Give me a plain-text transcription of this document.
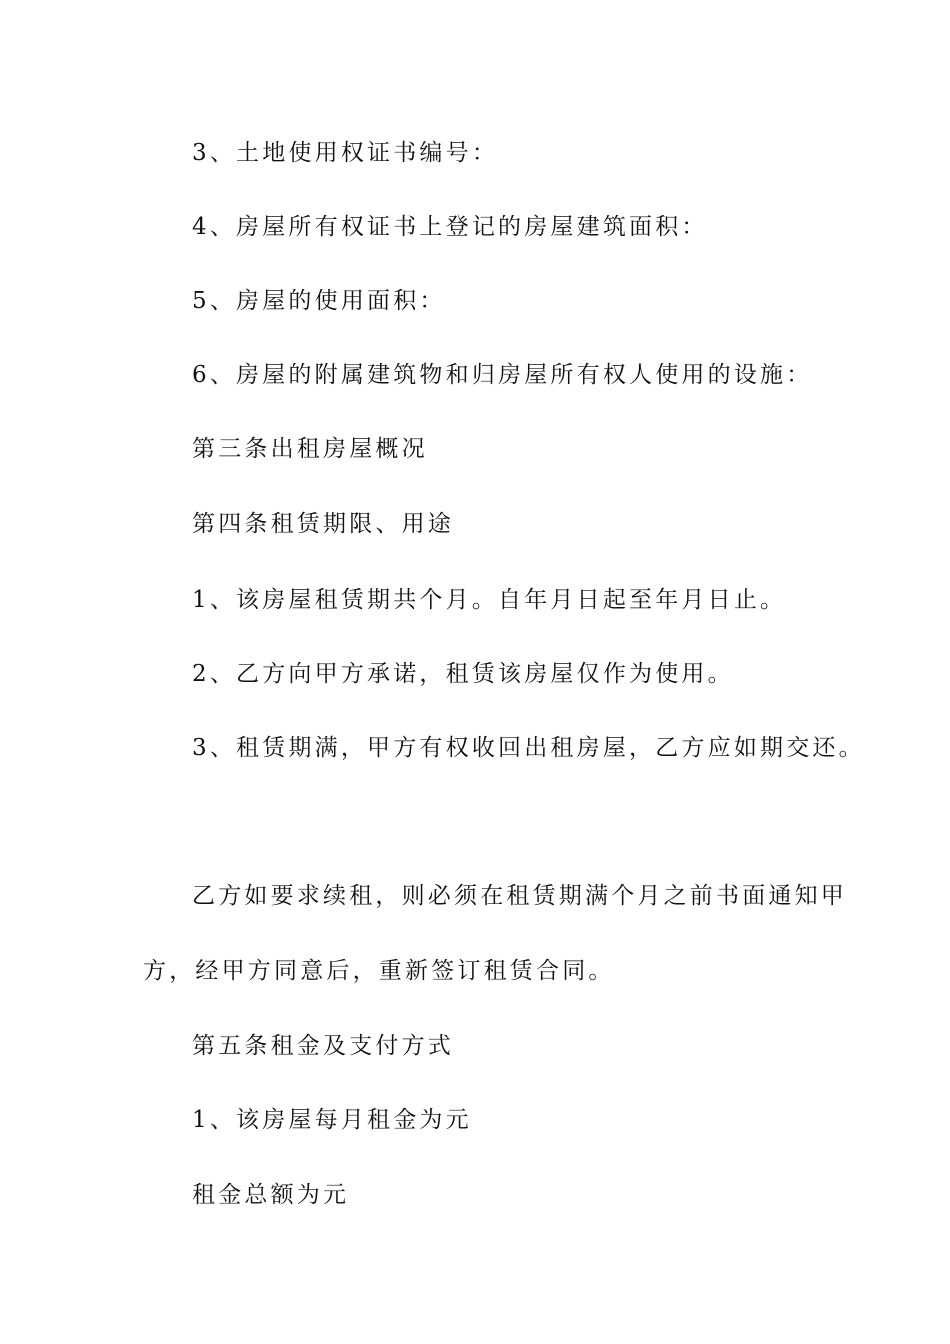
3、土地使用权证书编号：
4、房屋所有权证书上登记的房屋建筑面积：
5、房屋的使用面积：
6、房屋的附属建筑物和归房屋所有权人使用的设施：
第三条出租房屋概况
第四条租赁期限、用途
1、该房屋租赁期共个月。自年月日起至年月日止。
2、乙方向甲方承诺，租赁该房屋仅作为使用。
3、租赁期满，甲方有权收回出租房屋，乙方应如期交还。
乙方如要求续租，则必须在租赁期满个月之前书面通知甲
方，经甲方同意后，重新签订租赁合同。
第五条租金及支付方式
1、该房屋每月租金为元
租金总额为元
